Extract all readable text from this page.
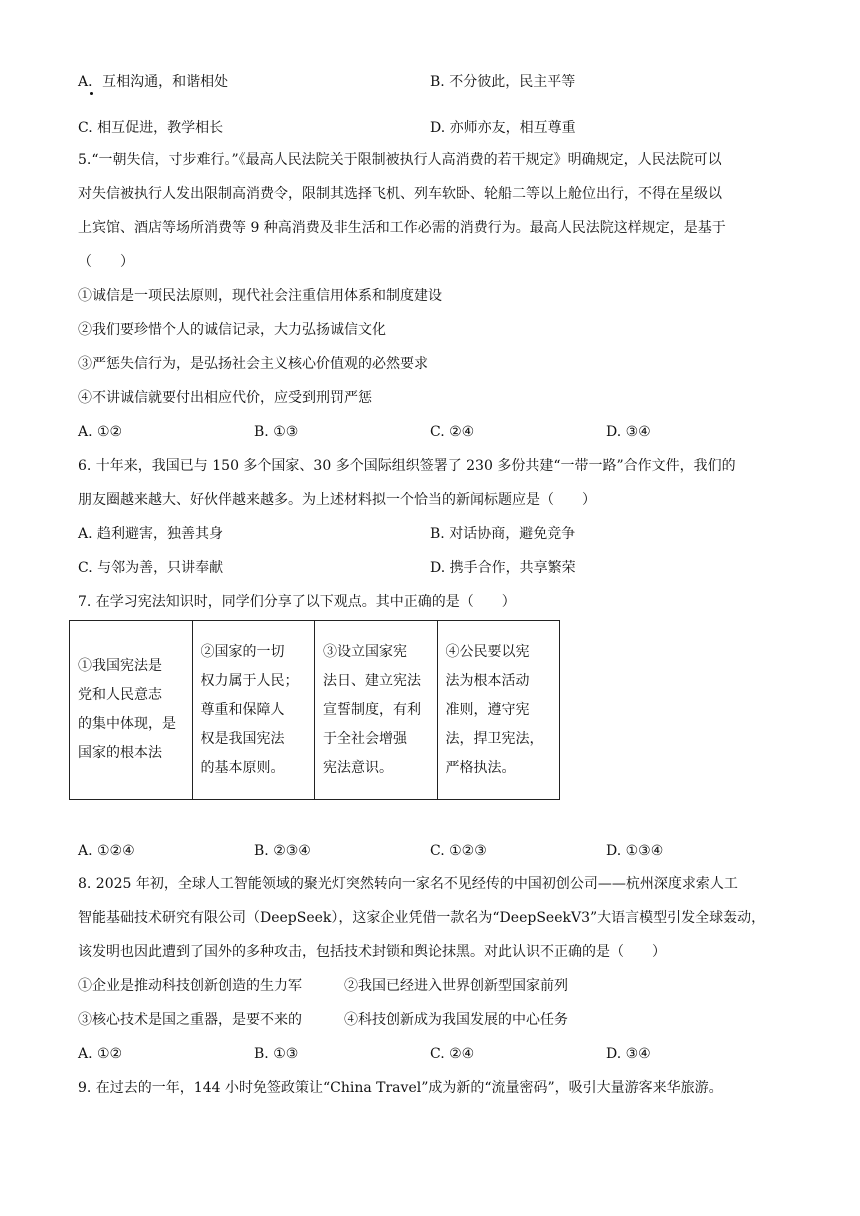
A．互相沟通，和谐相处	B. 不分彼此，民主平等
C. 相互促进，教学相长	D. 亦师亦友，相互尊重
5.“一朝失信，寸步难行。”《最高人民法院关于限制被执行人高消费的若干规定》明确规定，人民法院可以
对失信被执行人发出限制高消费令，限制其选择飞机、列车软卧、轮船二等以上舱位出行，不得在星级以
上宾馆、酒店等场所消费等 9 种高消费及非生活和工作必需的消费行为。最高人民法院这样规定，是基于
（　　）
①诚信是一项民法原则，现代社会注重信用体系和制度建设
②我们要珍惜个人的诚信记录，大力弘扬诚信文化
③严惩失信行为，是弘扬社会主义核心价值观的必然要求
④不讲诚信就要付出相应代价，应受到刑罚严惩
A. ①②	B. ①③	C. ②④	D. ③④
6. 十年来，我国已与 150 多个国家、30 多个国际组织签署了 230 多份共建“一带一路”合作文件，我们的
朋友圈越来越大、好伙伴越来越多。为上述材料拟一个恰当的新闻标题应是（　　）
A. 趋利避害，独善其身	B. 对话协商，避免竞争
C. 与邻为善，只讲奉献	D. 携手合作，共享繁荣
7. 在学习宪法知识时，同学们分享了以下观点。其中正确的是（　　）
①我国宪法是
党和人民意志
的集中体现，是
国家的根本法	②国家的一切
权力属于人民；
尊重和保障人
权是我国宪法
的基本原则。	③设立国家宪
法日、建立宪法
宣誓制度，有利
于全社会增强
宪法意识。	④公民要以宪
法为根本活动
准则，遵守宪
法，捍卫宪法，
严格执法。
A. ①②④	B. ②③④	C. ①②③	D. ①③④
8. 2025 年初，全球人工智能领域的聚光灯突然转向一家名不见经传的中国初创公司——杭州深度求索人工
智能基础技术研究有限公司（DeepSeek），这家企业凭借一款名为“DeepSeekV3”大语言模型引发全球轰动，
该发明也因此遭到了国外的多种攻击，包括技术封锁和舆论抹黑。对此认识不正确的是（　　）
①企业是推动科技创新创造的生力军	②我国已经进入世界创新型国家前列
③核心技术是国之重器，是要不来的	④科技创新成为我国发展的中心任务
A. ①②	B. ①③	C. ②④	D. ③④
9. 在过去的一年，144 小时免签政策让“China Travel”成为新的“流量密码”，吸引大量游客来华旅游。
